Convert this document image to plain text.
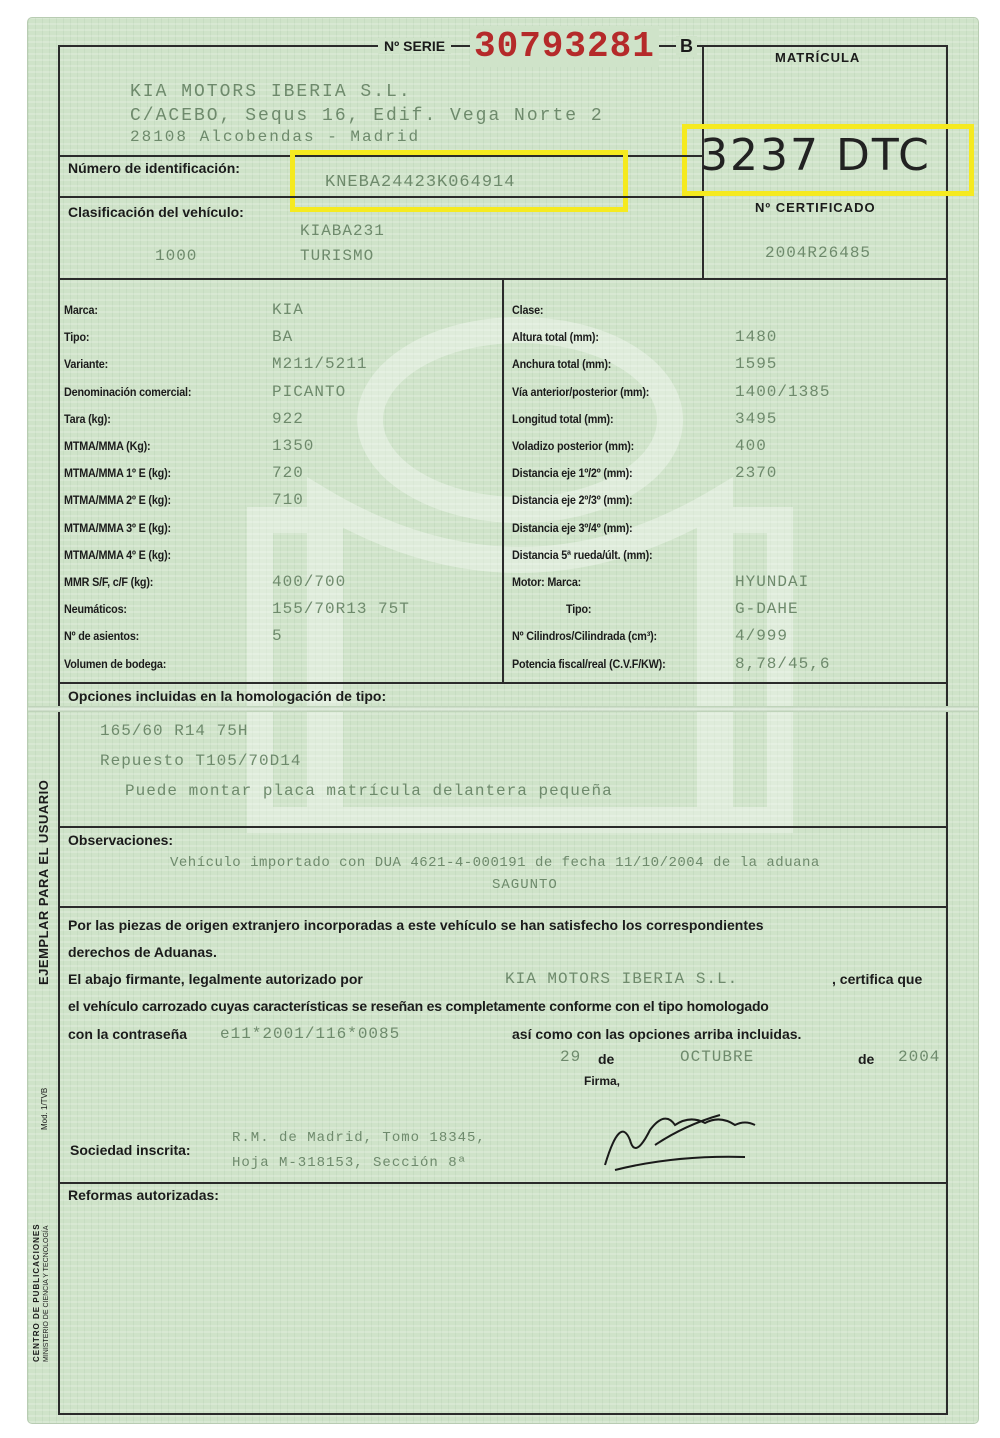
Nº SERIE 30793281 B
MATRÍCULA
3237 DTC
Nº CERTIFICADO
2004R26485
KIA MOTORS IBERIA S.L.
C/ACEBO, Sequs 16, Edif. Vega Norte 2
28108 Alcobendas - Madrid
Número de identificación:
KNEBA24423K064914
Clasificación del vehículo:
KIABA231
1000	TURISMO
Marca:	KIA
Tipo:	BA
Variante:	M211/5211
Denominación comercial:	PICANTO
Tara (kg):	922
MTMA/MMA (Kg):	1350
MTMA/MMA 1º E (kg):	720
MTMA/MMA 2º E (kg):	710
MTMA/MMA 3º E (kg):
MTMA/MMA 4º E (kg):
MMR S/F, c/F (kg):	400/700
Neumáticos:	155/70R13 75T
Nº de asientos:	5
Volumen de bodega:
Clase:
Altura total (mm):	1480
Anchura total (mm):	1595
Vía anterior/posterior (mm):	1400/1385
Longitud total (mm):	3495
Voladizo posterior (mm):	400
Distancia eje 1º/2º (mm):	2370
Distancia eje 2º/3º (mm):
Distancia eje 3º/4º (mm):
Distancia 5ª rueda/últ. (mm):
Motor: Marca:	HYUNDAI
Tipo:	G-DAHE
Nº Cilindros/Cilindrada (cm³):	4/999
Potencia fiscal/real (C.V.F/KW):	8,78/45,6
Opciones incluidas en la homologación de tipo:
165/60 R14 75H
Repuesto T105/70D14
Puede montar placa matrícula delantera pequeña
Observaciones:
Vehículo importado con DUA 4621-4-000191 de fecha 11/10/2004 de la aduana
SAGUNTO
Por las piezas de origen extranjero incorporadas a este vehículo se han satisfecho los correspondientes
derechos de Aduanas.
El abajo firmante, legalmente autorizado por	KIA MOTORS IBERIA S.L.	, certifica que
el vehículo carrozado cuyas características se reseñan es completamente conforme con el tipo homologado
con la contraseña e11*2001/116*0085	así como con las opciones arriba incluidas.
29 de	OCTUBRE	de 2004
Firma,
Sociedad inscrita:
R.M. de Madrid, Tomo 18345,
Hoja M-318153, Sección 8ª
Reformas autorizadas:
EJEMPLAR PARA EL USUARIO
Mod. 1/TVB
CENTRO DE PUBLICACIONES MINISTERIO DE CIENCIA Y TECNOLOGÍA
